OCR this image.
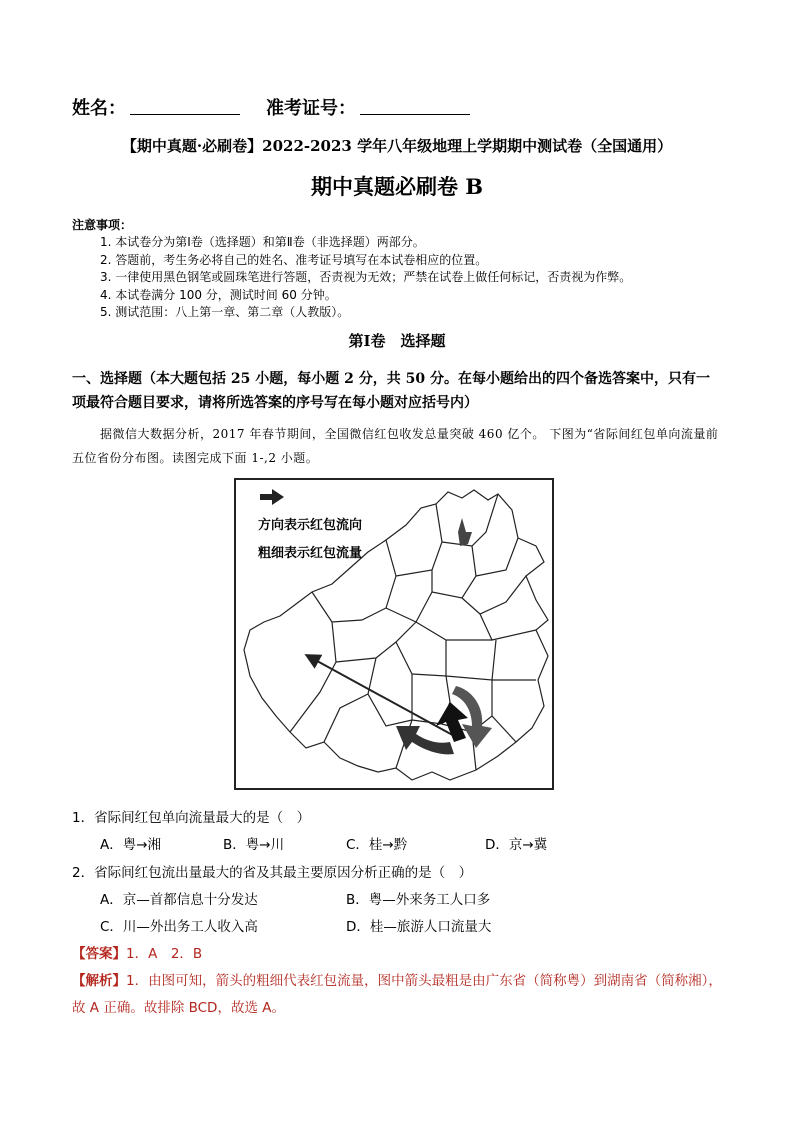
姓名：	准考证号：
【期中真题·必刷卷】2022-2023 学年八年级地理上学期期中测试卷（全国通用）
期中真题必刷卷 B
注意事项：
1. 本试卷分为第Ⅰ卷（选择题）和第Ⅱ卷（非选择题）两部分。
2. 答题前，考生务必将自己的姓名、准考证号填写在本试卷相应的位置。
3. 一律使用黑色钢笔或圆珠笔进行答题，否责视为无效；严禁在试卷上做任何标记，否责视为作弊。
4. 本试卷满分 100 分，测试时间 60 分钟。
5. 测试范围：八上第一章、第二章（人教版）。
第Ⅰ卷　选择题
一、选择题（本大题包括 25 小题，每小题 2 分，共 50 分。在每小题给出的四个备选答案中，只有一项最符合题目要求，请将所选答案的序号写在每小题对应括号内）
据微信大数据分析，2017 年春节期间，全国微信红包收发总量突破 460 亿个。 下图为“省际间红包单向流量前五位省份分布图。读图完成下面 1-,2 小题。
方向表示红包流向
粗细表示红包流量
1．省际间红包单向流量最大的是（　）
A．粤→湘	B．粤→川	C．桂→黔	D．京→冀
2．省际间红包流出量最大的省及其最主要原因分析正确的是（　）
A．京—首都信息十分发达	B．粤—外来务工人口多
C．川—外出务工人收入高	D．桂—旅游人口流量大
【答案】1．A　2．B
【解析】1．由图可知，箭头的粗细代表红包流量，图中箭头最粗是由广东省（简称粤）到湖南省（简称湘），故 A 正确。故排除 BCD，故选 A。
